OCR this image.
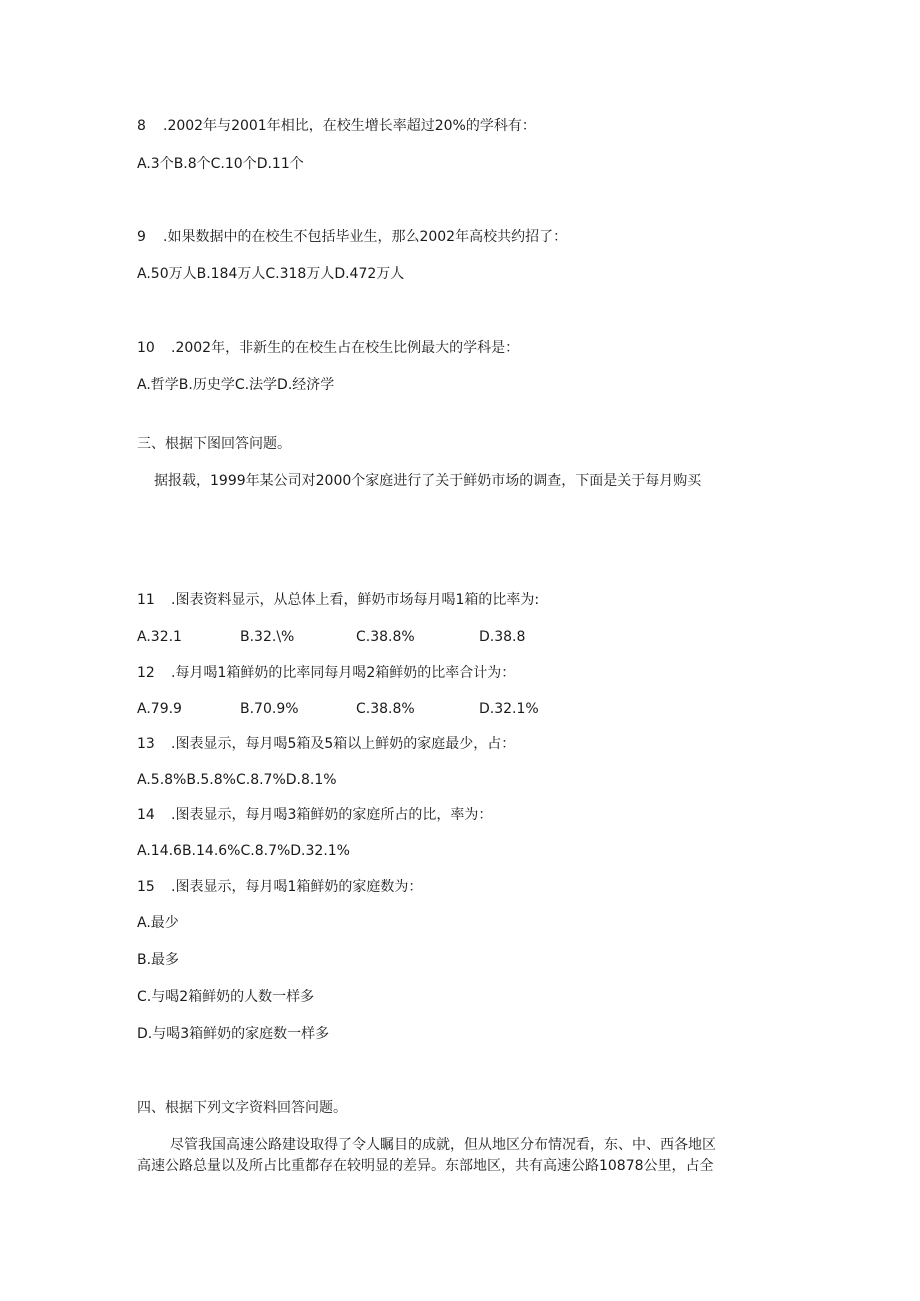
8 .2002年与2001年相比，在校生增长率超过20%的学科有：
A.3个B.8个C.10个D.11个
9 .如果数据中的在校生不包括毕业生，那么2002年高校共约招了：
A.50万人B.184万人C.318万人D.472万人
10 .2002年，非新生的在校生占在校生比例最大的学科是：
A.哲学B.历史学C.法学D.经济学
三、根据下图回答问题。
据报载，1999年某公司对2000个家庭进行了关于鲜奶市场的调查，下面是关于每月购买
11 .图表资料显示，从总体上看，鲜奶市场每月喝1箱的比率为:
A.32.1	B.32.\%	C.38.8%	D.38.8
12 .每月喝1箱鲜奶的比率同每月喝2箱鲜奶的比率合计为：
A.79.9	B.70.9%	C.38.8%	D.32.1%
13 .图表显示，每月喝5箱及5箱以上鲜奶的家庭最少，占：
A.5.8%B.5.8%C.8.7%D.8.1%
14 .图表显示，每月喝3箱鲜奶的家庭所占的比，率为：
A.14.6B.14.6%C.8.7%D.32.1%
15 .图表显示，每月喝1箱鲜奶的家庭数为：
A.最少
B.最多
C.与喝2箱鲜奶的人数一样多
D.与喝3箱鲜奶的家庭数一样多
四、根据下列文字资料回答问题。
尽管我国高速公路建设取得了令人瞩目的成就，但从地区分布情况看，东、中、西各地区
高速公路总量以及所占比重都存在较明显的差异。东部地区，共有高速公路10878公里，占全
